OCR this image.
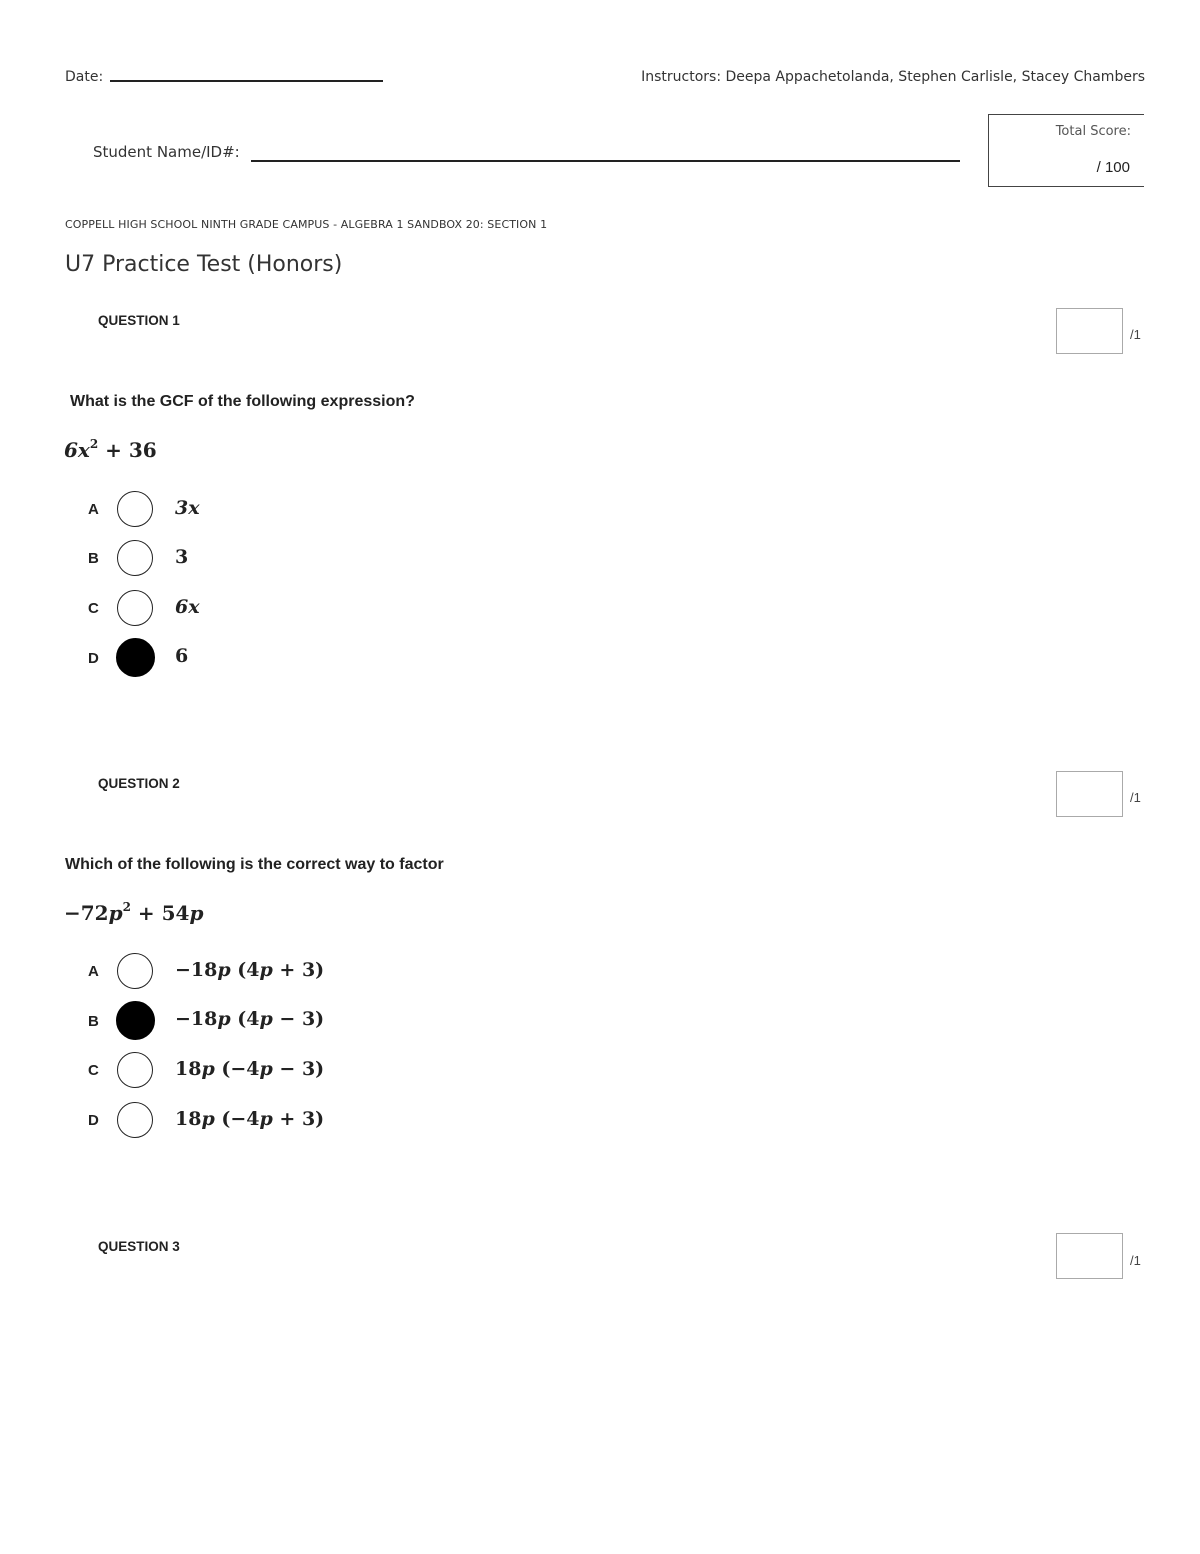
Date:	Instructors: Deepa Appachetolanda, Stephen Carlisle, Stacey Chambers
Student Name/ID#:
Total Score:
/ 100
COPPELL HIGH SCHOOL NINTH GRADE CAMPUS - ALGEBRA 1 SANDBOX 20: SECTION 1
U7 Practice Test (Honors)
QUESTION 1
/1
What is the GCF of the following expression?
$6x^2 + 36$
A	3x
B	3
C	6x
D	6
QUESTION 2
/1
Which of the following is the correct way to factor
$-72p^2 + 54p$
A	−18p (4p + 3)
B	−18p (4p − 3)
C	18p (−4p − 3)
D	18p (−4p + 3)
QUESTION 3
/1
